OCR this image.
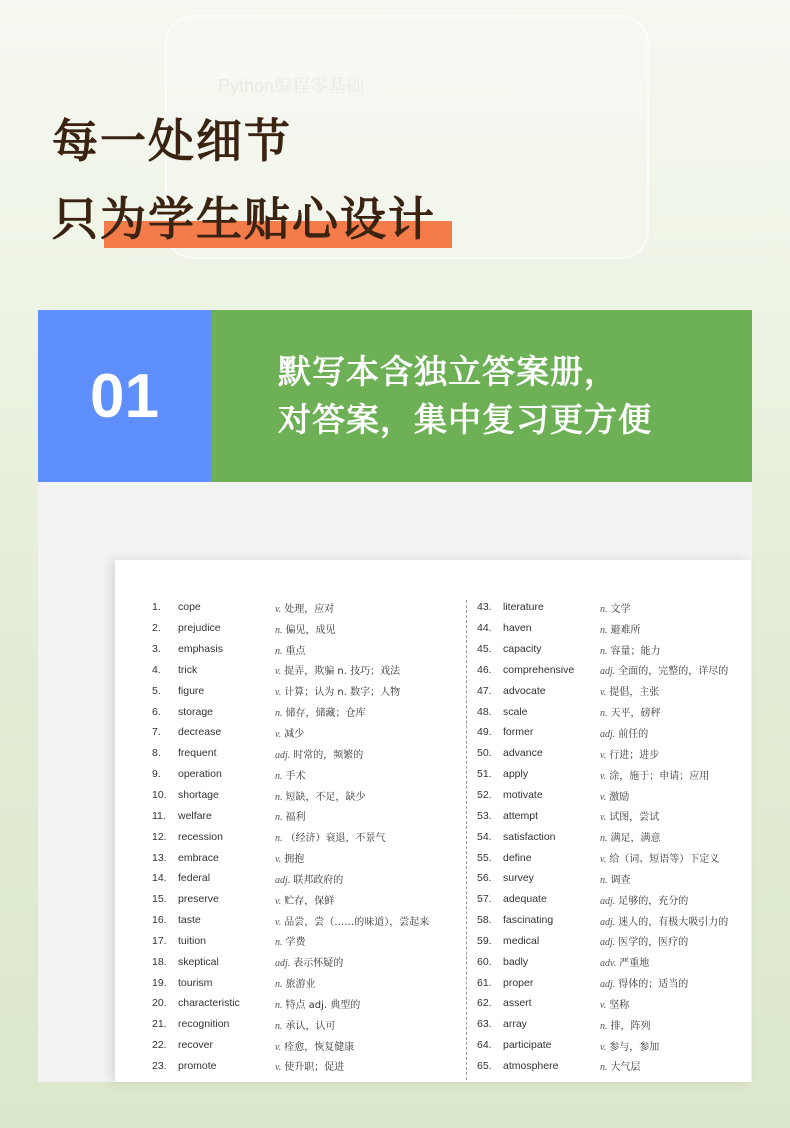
Python编程零基础
每一处细节
只为学生贴心设计
01	默写本含独立答案册，
对答案，集中复习更方便
1.	cope	v. 处理，应对
2.	prejudice	n. 偏见，成见
3.	emphasis	n. 重点
4.	trick	v. 捉弄，欺骗 n. 技巧；戏法
5.	figure	v. 计算；认为 n. 数字；人物
6.	storage	n. 储存，储藏；仓库
7.	decrease	v. 减少
8.	frequent	adj. 时常的，频繁的
9.	operation	n. 手术
10.	shortage	n. 短缺，不足，缺少
11.	welfare	n. 福利
12.	recession	n. （经济）衰退，不景气
13.	embrace	v. 拥抱
14.	federal	adj. 联邦政府的
15.	preserve	v. 贮存，保鲜
16.	taste	v. 品尝，尝（……的味道），尝起来
17.	tuition	n. 学费
18.	skeptical	adj. 表示怀疑的
19.	tourism	n. 旅游业
20.	characteristic	n. 特点 adj. 典型的
21.	recognition	n. 承认，认可
22.	recover	v. 痊愈，恢复健康
23.	promote	v. 使升职；促进
43.	literature	n. 文学
44.	haven	n. 避难所
45.	capacity	n. 容量；能力
46.	comprehensive	adj. 全面的，完整的，详尽的
47.	advocate	v. 提倡，主张
48.	scale	n. 天平，磅秤
49.	former	adj. 前任的
50.	advance	v. 行进；进步
51.	apply	v. 涂，施于；申请；应用
52.	motivate	v. 激励
53.	attempt	v. 试图，尝试
54.	satisfaction	n. 满足，满意
55.	define	v. 给（词、短语等）下定义
56.	survey	n. 调查
57.	adequate	adj. 足够的，充分的
58.	fascinating	adj. 迷人的，有极大吸引力的
59.	medical	adj. 医学的，医疗的
60.	badly	adv. 严重地
61.	proper	adj. 得体的；适当的
62.	assert	v. 坚称
63.	array	n. 排，阵列
64.	participate	v. 参与，参加
65.	atmosphere	n. 大气层
